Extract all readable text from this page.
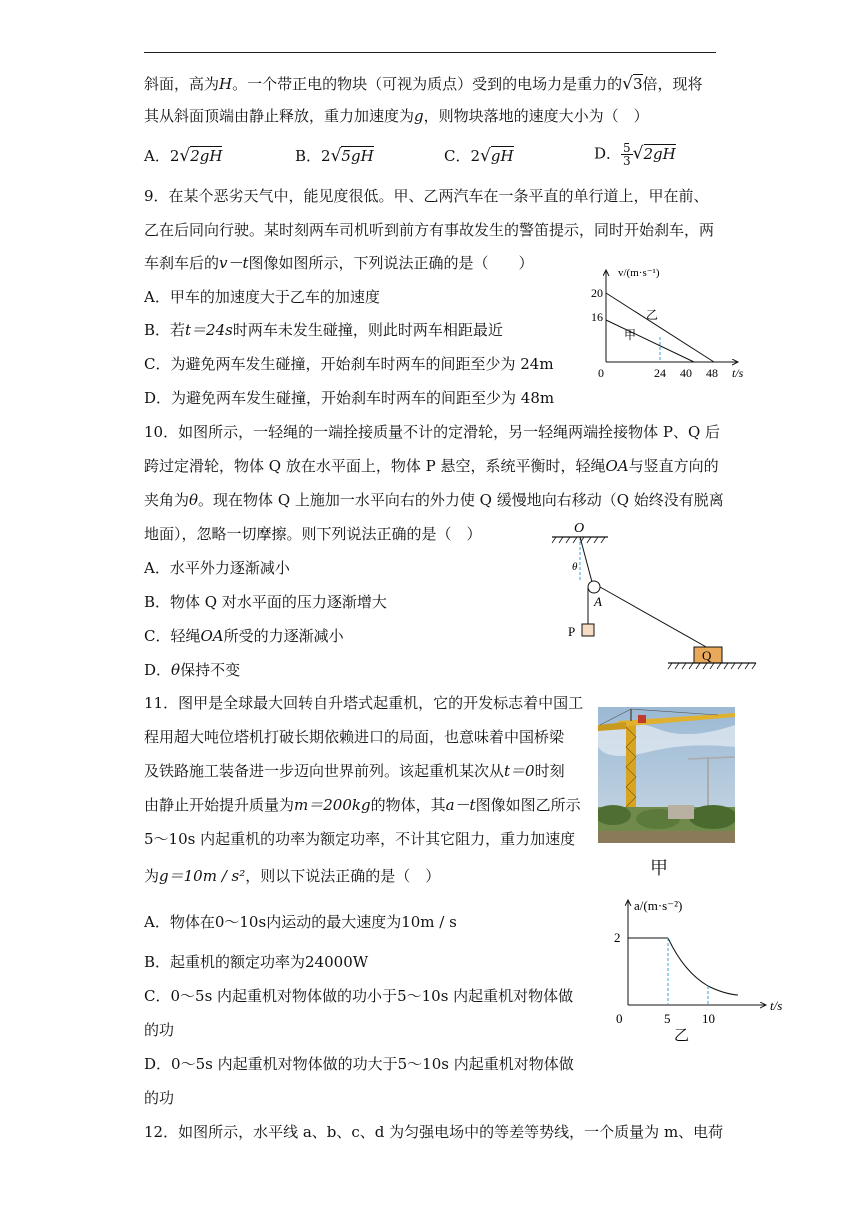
斜面，高为H。一个带正电的物块（可视为质点）受到的电场力是重力的√3倍，现将
其从斜面顶端由静止释放，重力加速度为g，则物块落地的速度大小为（　）
A．2√2gH	B．2√5gH	C．2√gH	D． $\frac{5}{3} √2gH$
9．在某个恶劣天气中，能见度很低。甲、乙两汽车在一条平直的单行道上，甲在前、
乙在后同向行驶。某时刻两车司机听到前方有事故发生的警笛提示，同时开始刹车，两
车刹车后的v－t图像如图所示，下列说法正确的是（　　）
A．甲车的加速度大于乙车的加速度
B．若t＝24s时两车未发生碰撞，则此时两车相距最近
C．为避免两车发生碰撞，开始刹车时两车的间距至少为 24m
D．为避免两车发生碰撞，开始刹车时两车的间距至少为 48m
v/(m·s⁻¹)
t/s
20
16
0	24 40 48
乙
甲
10．如图所示，一轻绳的一端拴接质量不计的定滑轮，另一轻绳两端拴接物体 P、Q 后
跨过定滑轮，物体 Q 放在水平面上，物体 P 悬空，系统平衡时，轻绳OA与竖直方向的
夹角为θ。现在物体 Q 上施加一水平向右的外力使 Q 缓慢地向右移动（Q 始终没有脱离
地面），忽略一切摩擦。则下列说法正确的是（　）
A．水平外力逐渐减小
B．物体 Q 对水平面的压力逐渐增大
C．轻绳OA所受的力逐渐减小
D．θ保持不变
O
θ
A
P
Q
11．图甲是全球最大回转自升塔式起重机，它的开发标志着中国工
程用超大吨位塔机打破长期依赖进口的局面，也意味着中国桥梁
及铁路施工装备进一步迈向世界前列。该起重机某次从t＝0时刻
由静止开始提升质量为m＝200kg的物体，其a－t图像如图乙所示
5～10s 内起重机的功率为额定功率，不计其它阻力，重力加速度
为g＝10m / s²，则以下说法正确的是（　）
A．物体在0～10s内运动的最大速度为10m / s
B．起重机的额定功率为24000W
C．0～5s 内起重机对物体做的功小于5～10s 内起重机对物体做
的功
D．0～5s 内起重机对物体做的功大于5～10s 内起重机对物体做
的功
甲
a/(m·s⁻²)
t/s
2
0	5 10
乙
12．如图所示，水平线 a、b、c、d 为匀强电场中的等差等势线，一个质量为 m、电荷
